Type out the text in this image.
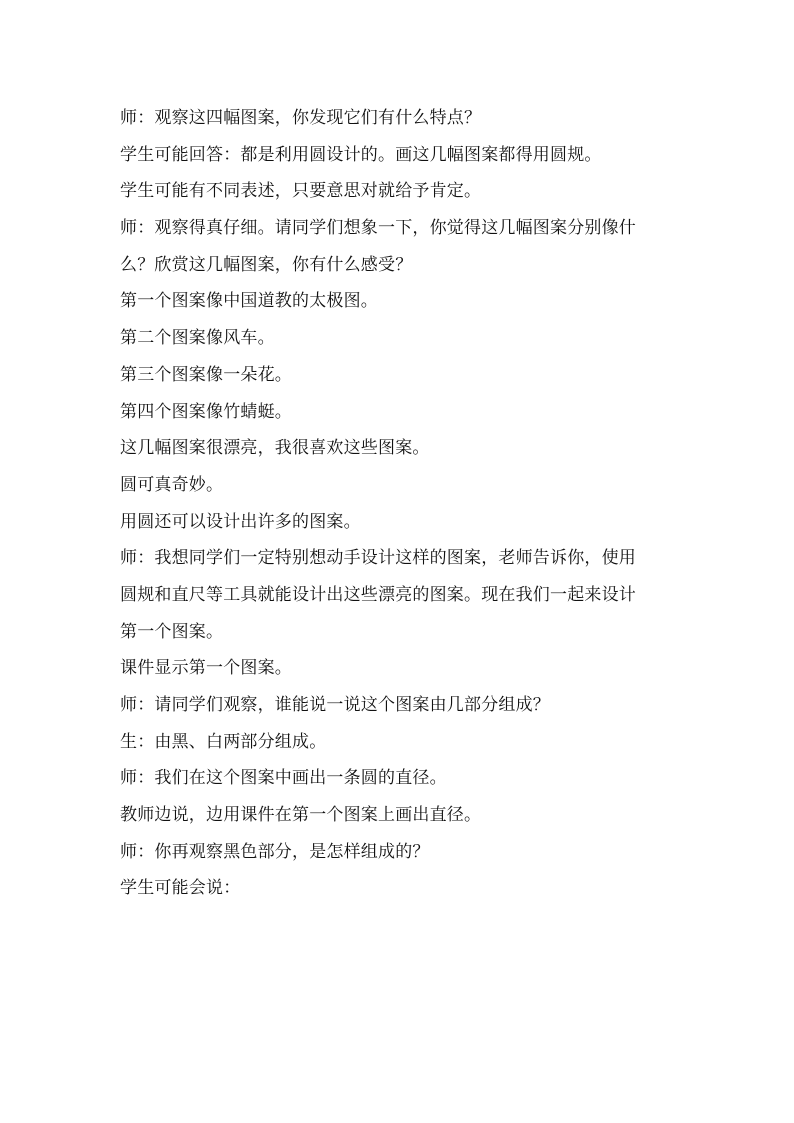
师：观察这四幅图案，你发现它们有什么特点？
学生可能回答：都是利用圆设计的。画这几幅图案都得用圆规。
学生可能有不同表述，只要意思对就给予肯定。
师：观察得真仔细。请同学们想象一下，你觉得这几幅图案分别像什
么？欣赏这几幅图案，你有什么感受？
第一个图案像中国道教的太极图。
第二个图案像风车。
第三个图案像一朵花。
第四个图案像竹蜻蜓。
这几幅图案很漂亮，我很喜欢这些图案。
圆可真奇妙。
用圆还可以设计出许多的图案。
师：我想同学们一定特别想动手设计这样的图案，老师告诉你，使用
圆规和直尺等工具就能设计出这些漂亮的图案。现在我们一起来设计
第一个图案。
课件显示第一个图案。
师：请同学们观察，谁能说一说这个图案由几部分组成？
生：由黑、白两部分组成。
师：我们在这个图案中画出一条圆的直径。
教师边说，边用课件在第一个图案上画出直径。
师：你再观察黑色部分，是怎样组成的？
学生可能会说：
